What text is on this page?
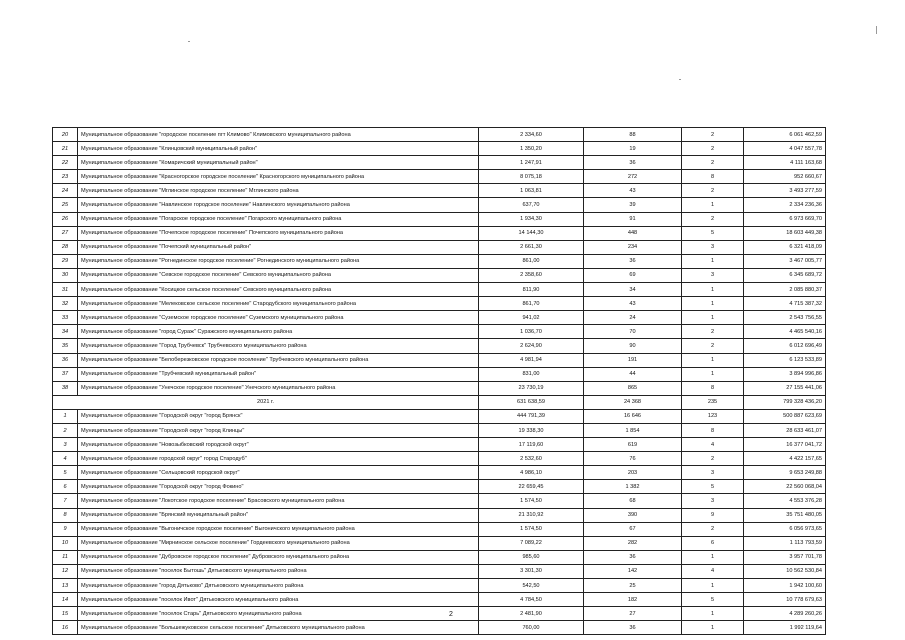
20	Муниципальное образование "городское поселение пгт Климово" Климовского муниципального района	2 334,60	88	2	6 061 462,59
21	Муниципальное образование "Клинцовский муниципальный район"	1 350,20	19	2	4 047 557,78
22	Муниципальное образование "Комаричский муниципальный район"	1 247,91	36	2	4 111 163,68
23	Муниципальное образование "Красногорское городское поселение" Красногорского муниципального района	8 075,18	272	8	952 660,67
24	Муниципальное образование "Мглинское городское поселение" Мглинского района	1 063,81	43	2	3 493 277,59
25	Муниципальное образование "Навлинское городское поселение" Навлинского муниципального района	637,70	39	1	2 334 236,36
26	Муниципальное образование "Погарское городское поселение" Погарского муниципального района	1 934,30	91	2	6 973 669,70
27	Муниципальное образование "Почепское городское поселение" Почепского муниципального района	14 144,30	448	5	18 603 449,38
28	Муниципальное образование "Почепский муниципальный район"	2 661,30	234	3	6 321 418,09
29	Муниципальное образование "Рогнединское городское поселение" Рогнединского муниципального района	861,00	36	1	3 467 005,77
30	Муниципальное образование "Севское городское поселение" Севского муниципального района	2 358,60	69	3	6 345 689,72
31	Муниципальное образование "Косицкое сельское поселение" Севского муниципального района	811,90	34	1	2 085 880,37
32	Муниципальное образование "Мелековское сельское поселение" Стародубского муниципального района	861,70	43	1	4 715 387,32
33	Муниципальное образование "Суземское городское поселение" Суземского муниципального района	941,02	24	1	2 543 756,55
34	Муниципальное образование "город Сураж" Суражского муниципального района	1 036,70	70	2	4 465 540,16
35	Муниципальное образование "Город Трубчевск" Трубчевского муниципального района	2 624,90	90	2	6 012 696,49
36	Муниципальное образование "Белоберезковское городское поселение" Трубчевского муниципального района	4 981,94	191	1	6 123 533,89
37	Муниципальное образование "Трубчевский муниципальный район"	831,00	44	1	3 894 996,86
38	Муниципальное образование "Унечское городское поселение" Унечского муниципального района	23 730,19	865	8	27 155 441,06
2021 г.		631 638,59	24 368	235	799 328 436,20
1	Муниципальное образование "Городской округ "город Брянск"	444 791,39	16 646	123	500 887 623,69
2	Муниципальное образование "Городской округ "город Клинцы"	19 338,30	1 854	8	28 633 461,07
3	Муниципальное образование "Новозыбковский городской округ"	17 119,60	619	4	16 377 041,72
4	Муниципальное образование городской округ" город Стародуб"	2 532,60	76	2	4 422 157,65
5	Муниципальное образование "Сельцовский городской округ"	4 986,10	203	3	9 653 249,88
6	Муниципальное образование "Городской округ "город Фокино"	22 659,45	1 382	5	22 560 068,04
7	Муниципальное образование "Локотское городское поселение" Брасовского муниципального района	1 574,50	68	3	4 553 376,28
8	Муниципальное образование "Брянский муниципальный район"	21 310,92	390	9	35 751 480,05
9	Муниципальное образование "Выгоничское городское поселение" Выгоничского муниципального района	1 574,50	67	2	6 056 973,65
10	Муниципальное образование "Мирнинское сельское поселение" Гордеевского муниципального района	7 089,22	282	6	1 113 793,59
11	Муниципальное образование "Дубровское городское поселение" Дубровского муниципального района	985,60	36	1	3 957 701,78
12	Муниципальное образование "поселок Бытошь" Дятьковского муниципального района	3 301,30	142	4	10 562 530,84
13	Муниципальное образование "город Дятьково" Дятьковского муниципального района	542,50	25	1	1 942 100,60
14	Муниципальное образование "поселок Ивот" Дятьковского муниципального района	4 784,50	182	5	10 778 679,63
15	Муниципальное образование "поселок Старь" Дятьковского муниципального района	2 481,90	27	1	4 289 260,26
16	Муниципальное образование "Большежуковское сельское поселение" Дятьковского муниципального района	760,00	36	1	1 992 119,64
2
